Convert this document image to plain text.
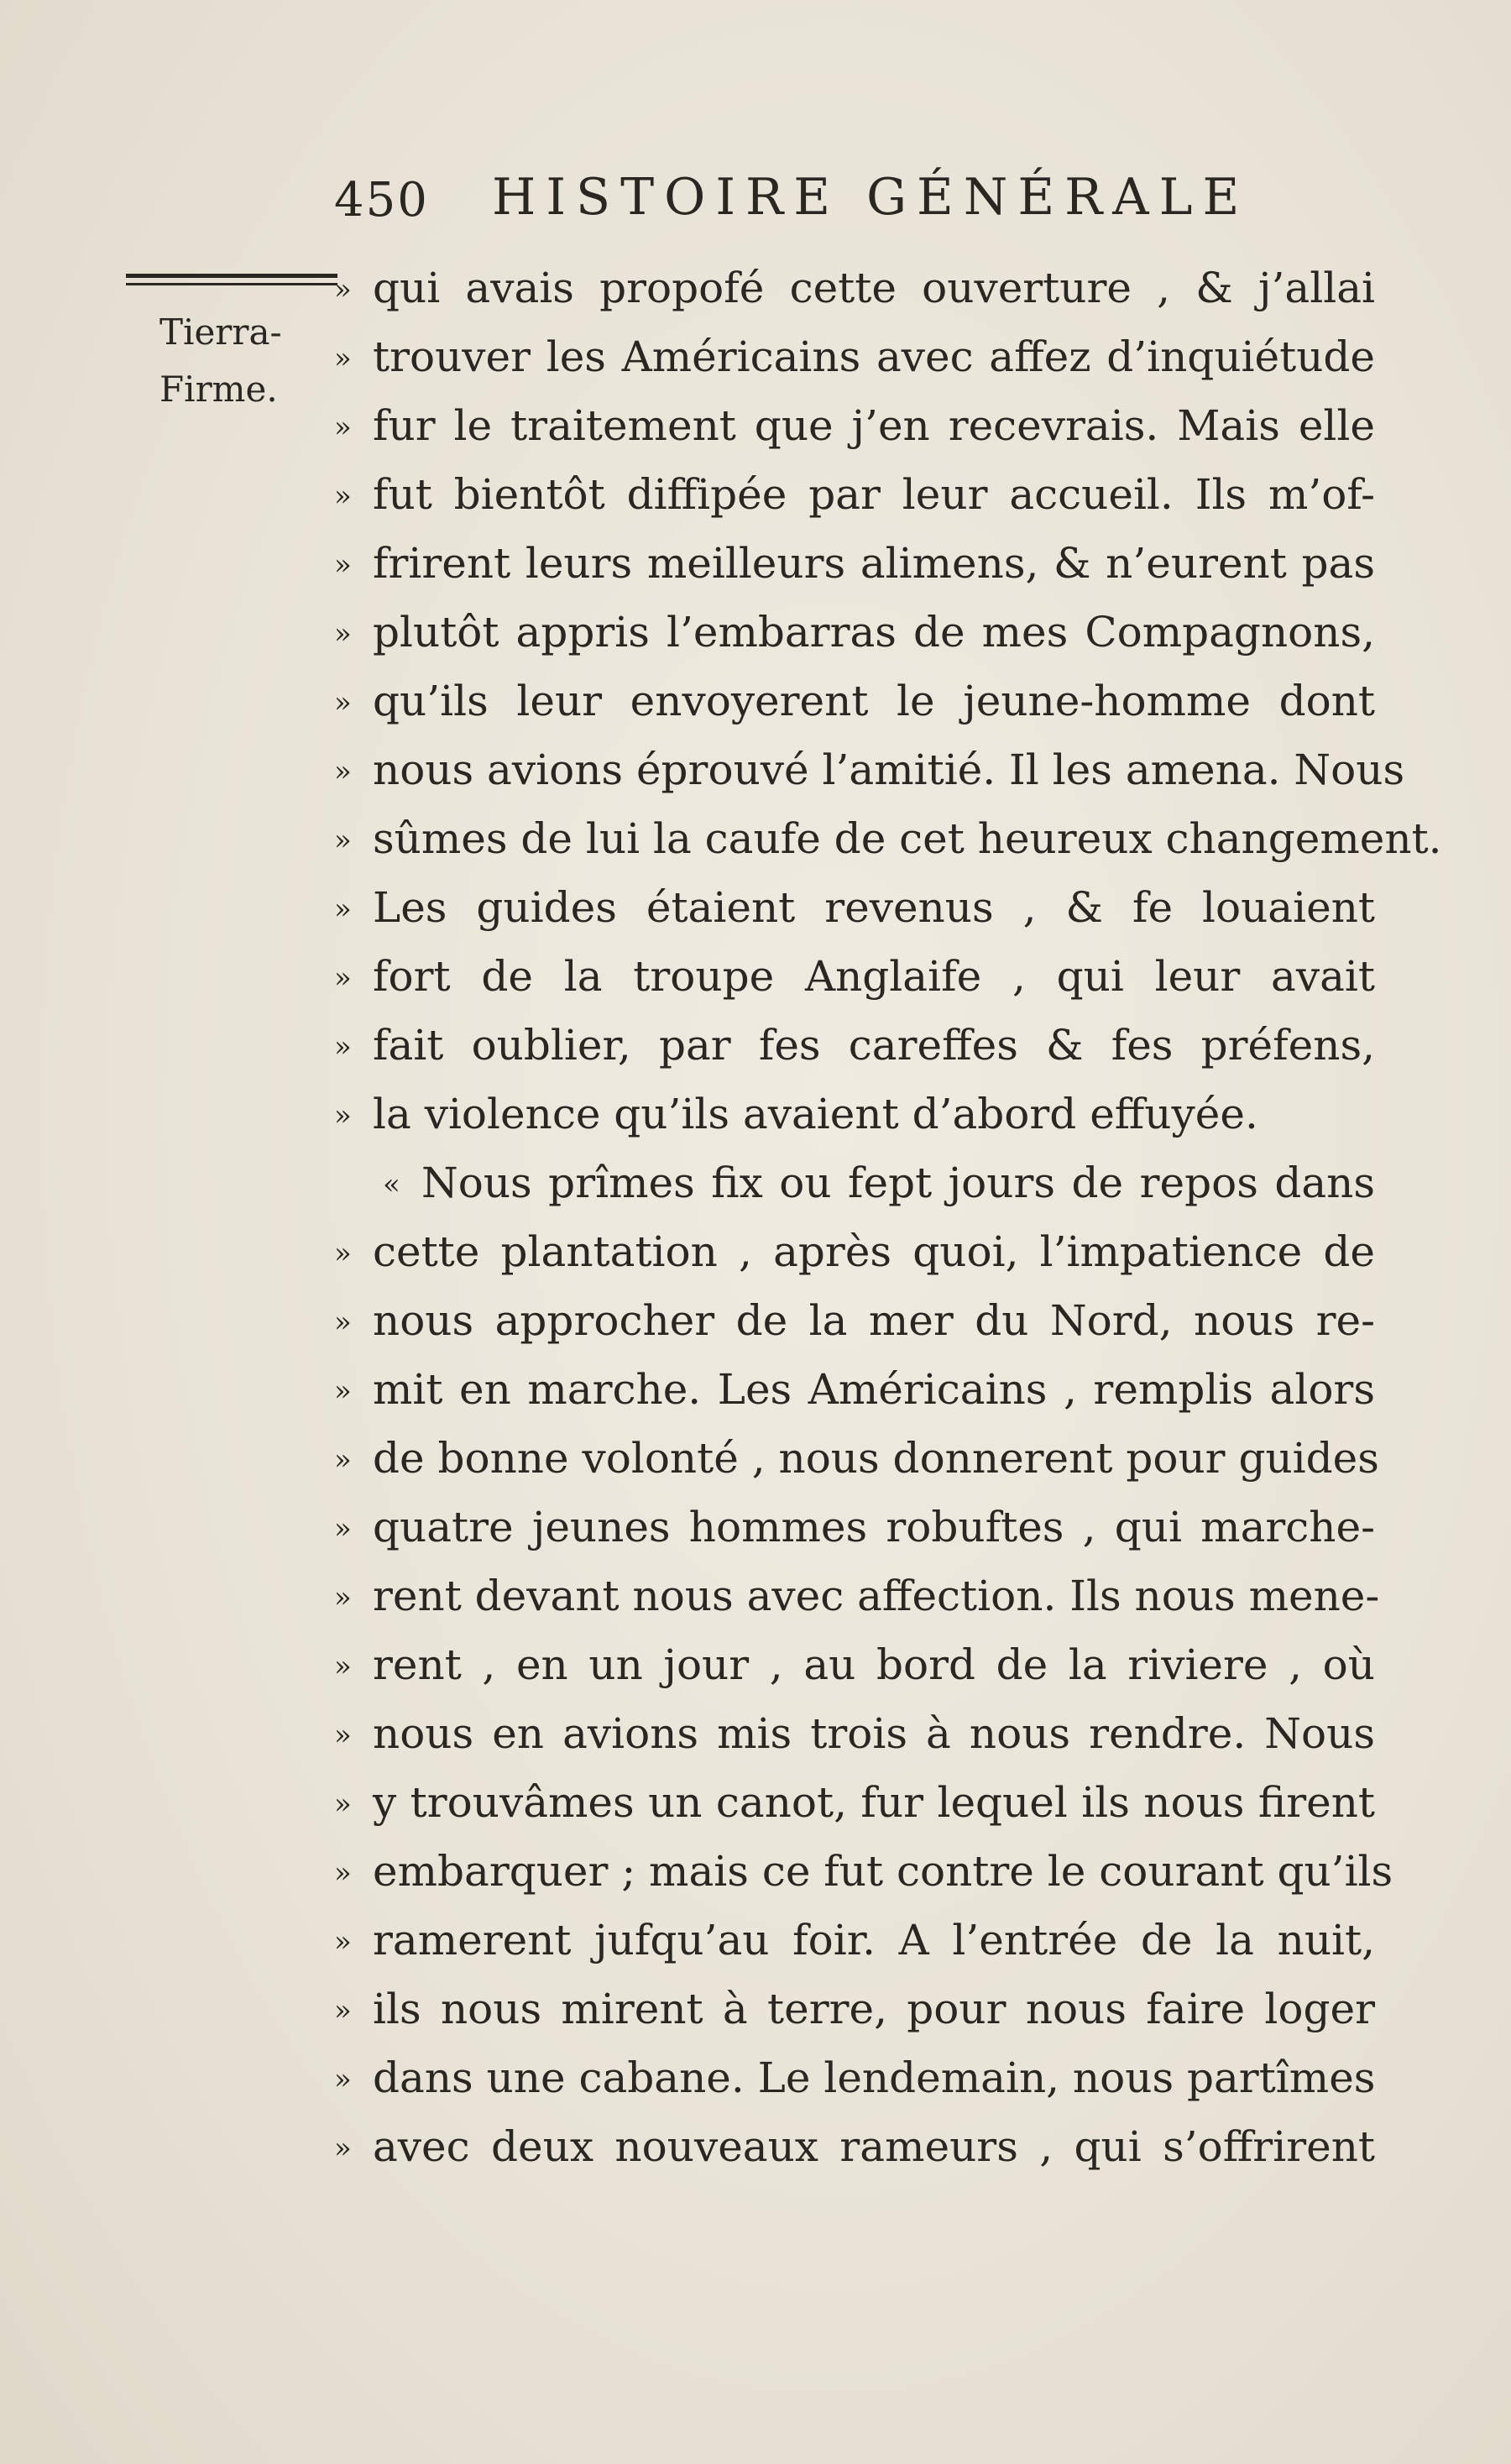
450 HISTOIRE GÉNÉRALE
Tierra-
Firme.
» qui avais propofé cette ouverture , & j’allai
» trouver les Américains avec affez d’inquiétude
» fur le traitement que j’en recevrais. Mais elle
» fut bientôt diffipée par leur accueil. Ils m’of-
» frirent leurs meilleurs alimens, & n’eurent pas
» plutôt appris l’embarras de mes Compagnons,
» qu’ils leur envoyerent le jeune-homme dont
» nous avions éprouvé l’amitié. Il les amena. Nous
» sûmes de lui la caufe de cet heureux changement.
» Les guides étaient revenus , & fe louaient
» fort de la troupe Anglaife , qui leur avait
» fait oublier, par fes careffes & fes préfens,
» la violence qu’ils avaient d’abord effuyée.
« Nous prîmes fix ou fept jours de repos dans
» cette plantation , après quoi, l’impatience de
» nous approcher de la mer du Nord, nous re-
» mit en marche. Les Américains , remplis alors
» de bonne volonté , nous donnerent pour guides
» quatre jeunes hommes robuftes , qui marche-
» rent devant nous avec affection. Ils nous mene-
» rent , en un jour , au bord de la riviere , où
» nous en avions mis trois à nous rendre. Nous
» y trouvâmes un canot, fur lequel ils nous firent
» embarquer ; mais ce fut contre le courant qu’ils
» ramerent jufqu’au foir. A l’entrée de la nuit,
» ils nous mirent à terre, pour nous faire loger
» dans une cabane. Le lendemain, nous partîmes
» avec deux nouveaux rameurs , qui s’offrirent
